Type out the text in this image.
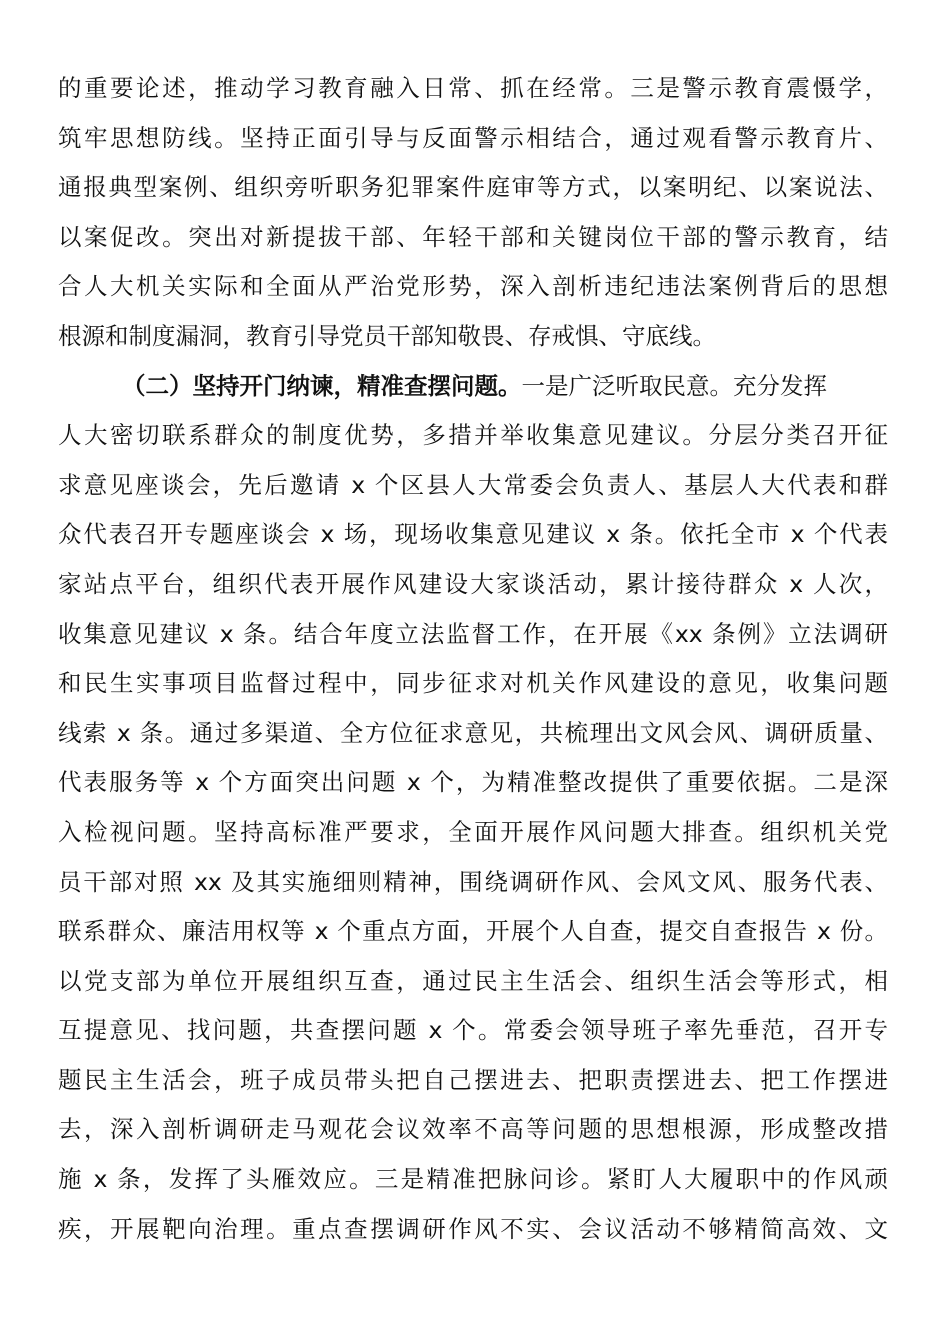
的重要论述，推动学习教育融入日常、抓在经常。三是警示教育震慑学，
筑牢思想防线。坚持正面引导与反面警示相结合，通过观看警示教育片、
通报典型案例、组织旁听职务犯罪案件庭审等方式，以案明纪、以案说法、
以案促改。突出对新提拔干部、年轻干部和关键岗位干部的警示教育，结
合人大机关实际和全面从严治党形势，深入剖析违纪违法案例背后的思想
根源和制度漏洞，教育引导党员干部知敬畏、存戒惧、守底线。
（二）坚持开门纳谏，精准查摆问题。一是广泛听取民意。充分发挥
人大密切联系群众的制度优势，多措并举收集意见建议。分层分类召开征
求意见座谈会，先后邀请 x 个区县人大常委会负责人、基层人大代表和群
众代表召开专题座谈会 x 场，现场收集意见建议 x 条。依托全市 x 个代表
家站点平台，组织代表开展作风建设大家谈活动，累计接待群众 x 人次，
收集意见建议 x 条。结合年度立法监督工作，在开展《xx 条例》立法调研
和民生实事项目监督过程中，同步征求对机关作风建设的意见，收集问题
线索 x 条。通过多渠道、全方位征求意见，共梳理出文风会风、调研质量、
代表服务等 x 个方面突出问题 x 个，为精准整改提供了重要依据。二是深
入检视问题。坚持高标准严要求，全面开展作风问题大排查。组织机关党
员干部对照 xx 及其实施细则精神，围绕调研作风、会风文风、服务代表、
联系群众、廉洁用权等 x 个重点方面，开展个人自查，提交自查报告 x 份。
以党支部为单位开展组织互查，通过民主生活会、组织生活会等形式，相
互提意见、找问题，共查摆问题 x 个。常委会领导班子率先垂范，召开专
题民主生活会，班子成员带头把自己摆进去、把职责摆进去、把工作摆进
去，深入剖析调研走马观花会议效率不高等问题的思想根源，形成整改措
施 x 条，发挥了头雁效应。三是精准把脉问诊。紧盯人大履职中的作风顽
疾，开展靶向治理。重点查摆调研作风不实、会议活动不够精简高效、文
